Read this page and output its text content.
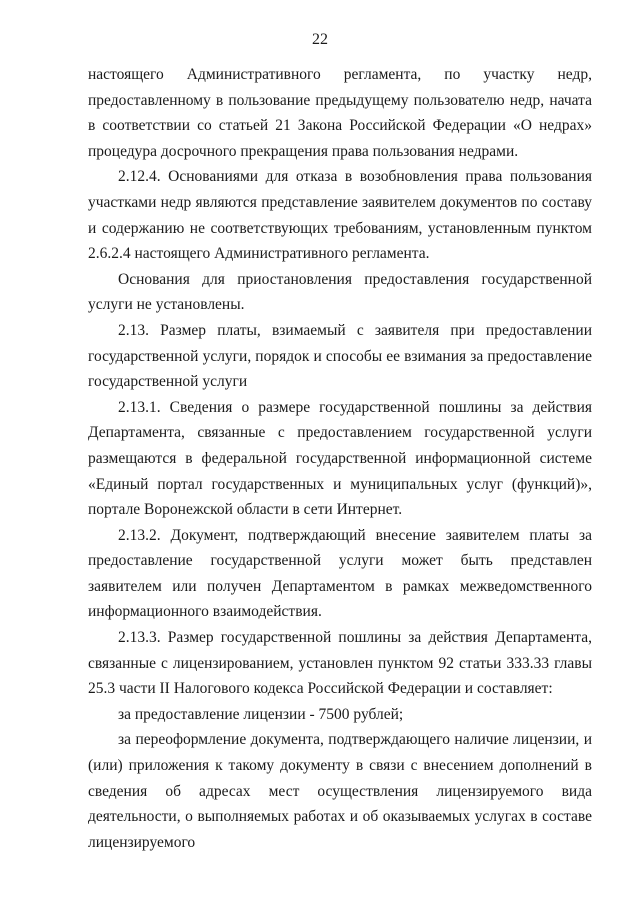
22

настоящего Административного регламента, по участку недр, предоставленному в пользование предыдущему пользователю недр, начата в соответствии со статьей 21 Закона Российской Федерации «О недрах» процедура досрочного прекращения права пользования недрами.

2.12.4. Основаниями для отказа в возобновления права пользования участками недр являются представление заявителем документов по составу и содержанию не соответствующих требованиям, установленным пунктом 2.6.2.4 настоящего Административного регламента.

Основания для приостановления предоставления государственной услуги не установлены.

2.13. Размер платы, взимаемый с заявителя при предоставлении государственной услуги, порядок и способы ее взимания за предоставление государственной услуги

2.13.1. Сведения о размере государственной пошлины за действия Департамента, связанные с предоставлением государственной услуги размещаются в федеральной государственной информационной системе «Единый портал государственных и муниципальных услуг (функций)», портале Воронежской области в сети Интернет.

2.13.2. Документ, подтверждающий внесение заявителем платы за предоставление государственной услуги может быть представлен заявителем или получен Департаментом в рамках межведомственного информационного взаимодействия.

2.13.3. Размер государственной пошлины за действия Департамента, связанные с лицензированием, установлен пунктом 92 статьи 333.33 главы 25.3 части II Налогового кодекса Российской Федерации и составляет:

за предоставление лицензии - 7500 рублей;

за переоформление документа, подтверждающего наличие лицензии, и (или) приложения к такому документу в связи с внесением дополнений в сведения об адресах мест осуществления лицензируемого вида деятельности, о выполняемых работах и об оказываемых услугах в составе лицензируемого
